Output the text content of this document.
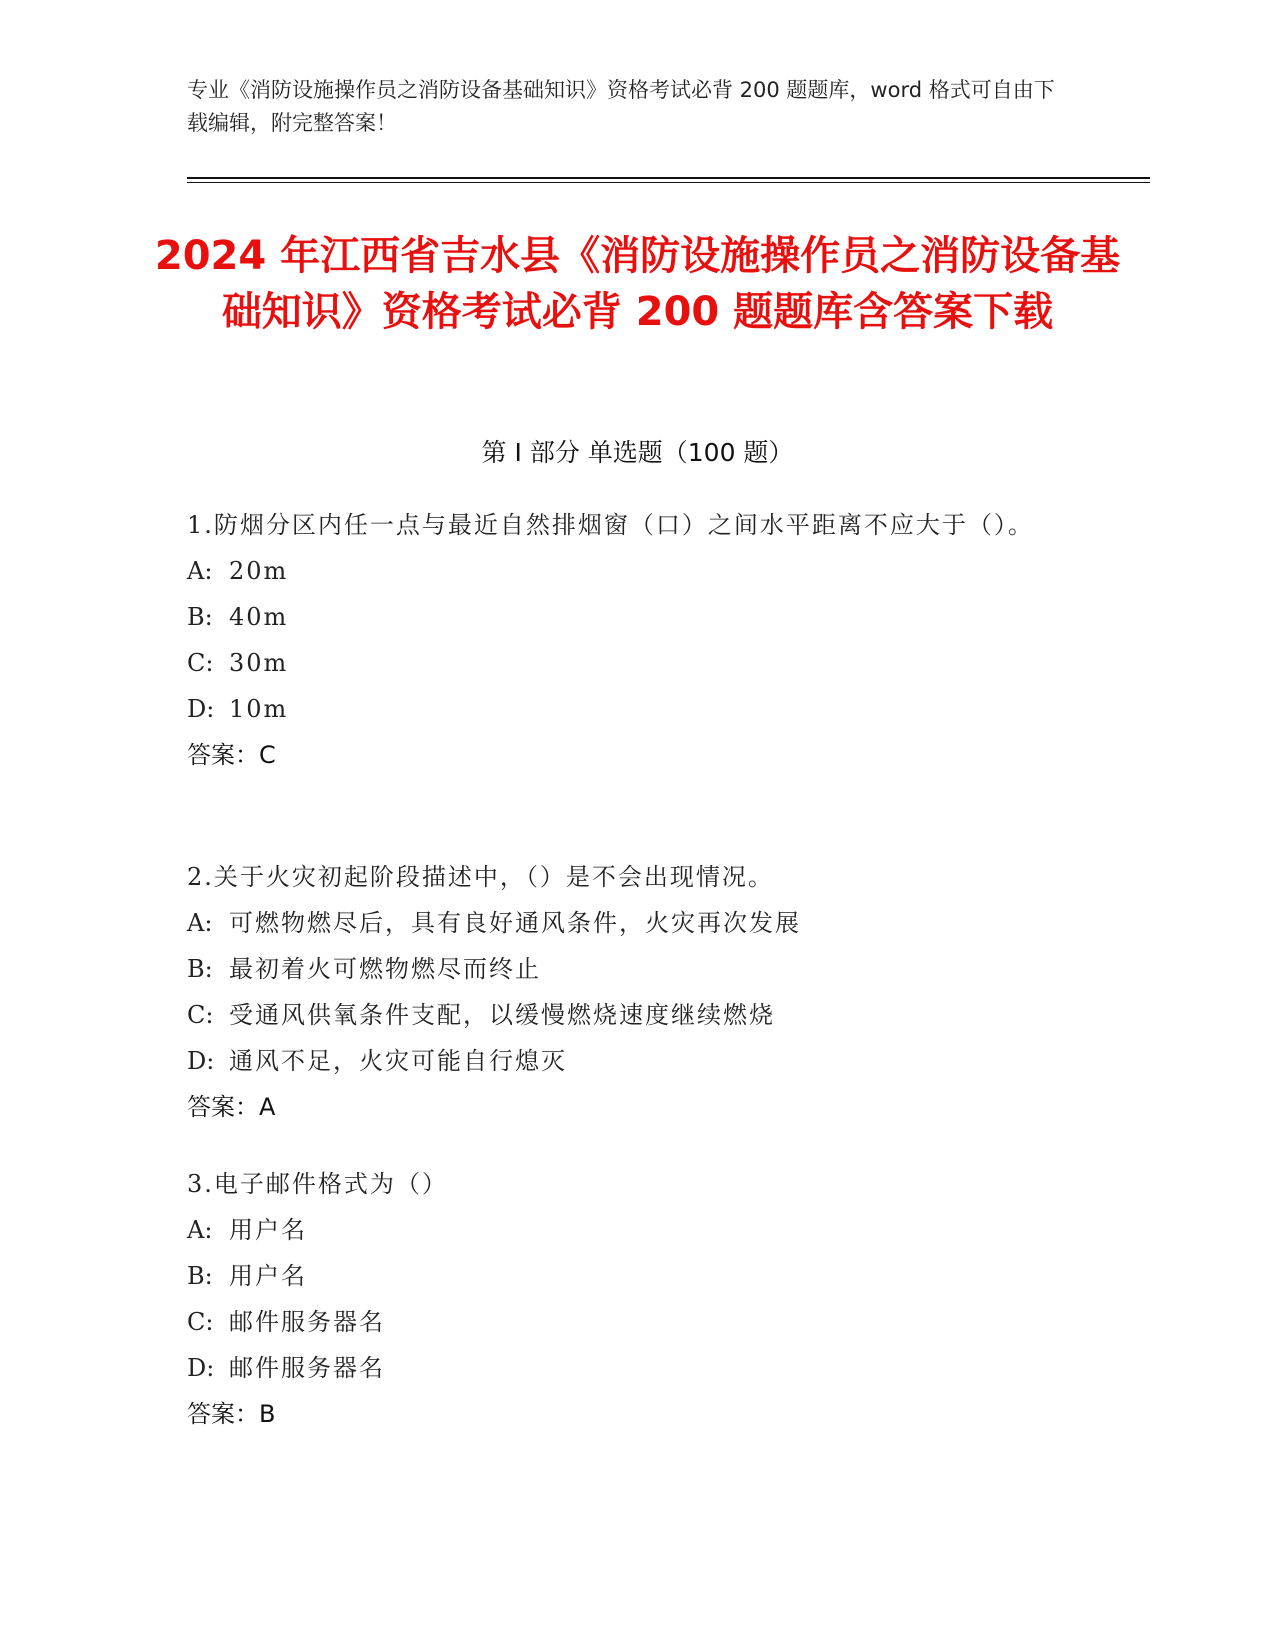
专业《消防设施操作员之消防设备基础知识》资格考试必背 200 题题库，word 格式可自由下载编辑，附完整答案！
2024 年江西省吉水县《消防设施操作员之消防设备基础知识》资格考试必背 200 题题库含答案下载
第 I 部分 单选题（100 题）
1.防烟分区内任一点与最近自然排烟窗（口）之间水平距离不应大于（）。
A: 20m
B: 40m
C: 30m
D: 10m
答案：C
2.关于火灾初起阶段描述中，（）是不会出现情况。
A: 可燃物燃尽后，具有良好通风条件，火灾再次发展
B: 最初着火可燃物燃尽而终止
C: 受通风供氧条件支配，以缓慢燃烧速度继续燃烧
D: 通风不足，火灾可能自行熄灭
答案：A
3.电子邮件格式为（）
A: 用户名
B: 用户名
C: 邮件服务器名
D: 邮件服务器名
答案：B
